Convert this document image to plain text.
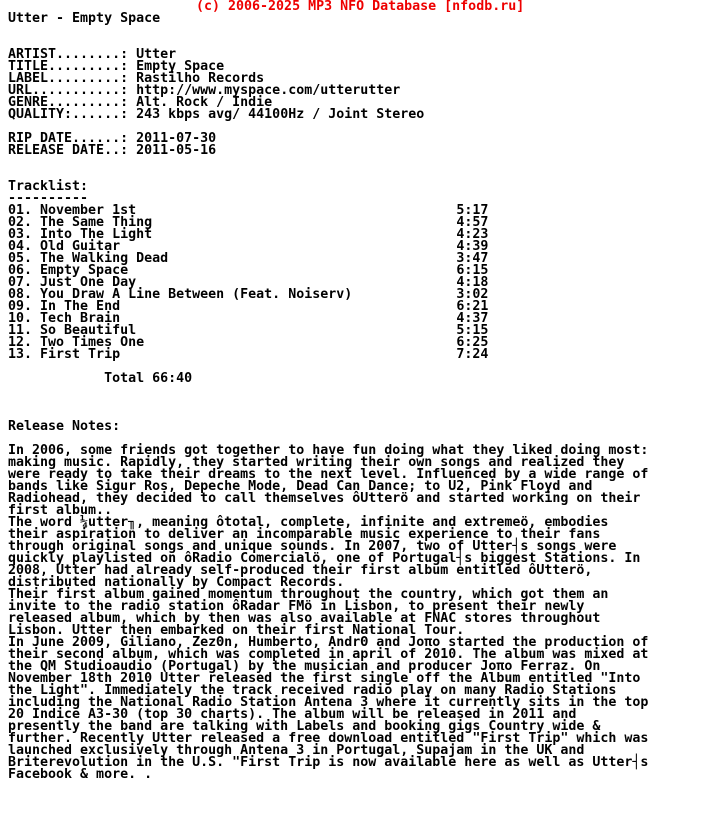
(c) 2006-2025 MP3 NFO Database [nfodb.ru]
Utter - Empty Space
ARTIST........: Utter
TITLE.........: Empty Space
LABEL.........: Rastilho Records
URL...........: http://www.myspace.com/utterutter
GENRE.........: Alt. Rock / Indie
QUALITY:......: 243 kbps avg/ 44100Hz / Joint Stereo
RIP DATE......: 2011-07-30
RELEASE DATE..: 2011-05-16
Tracklist:
----------
01. November 1st                                        5:17
02. The Same Thing                                      4:57
03. Into The Light                                      4:23
04. Old Guitar                                          4:39
05. The Walking Dead                                    3:47
06. Empty Space                                         6:15
07. Just One Day                                        4:18
08. You Draw A Line Between (Feat. Noiserv)             3:02
09. In The End                                          6:21
10. Tech Brain                                          4:37
11. So Beautiful                                        5:15
12. Two Times One                                       6:25
13. First Trip                                          7:24
Total 66:40
Release Notes:
In 2006, some friends got together to have fun doing what they liked doing most:
making music. Rapidly, they started writing their own songs and realized they
were ready to take their dreams to the next level. Influenced by a wide range of
bands like Sigur Ros, Depeche Mode, Dead Can Dance; to U2, Pink Floyd and
Radiohead, they decided to call themselves ôUtterö and started working on their
first album..
The word ¼utter╖, meaning ôtotal, complete, infinite and extremeö, embodies
their aspiration to deliver an incomparable music experience to their fans
through original songs and unique sounds. In 2007, two of Utter┤s songs were
quickly playlisted on ôRadio Comercialö, one of Portugal┤s biggest Stations. In
2008, Utter had already self-produced their first album entitled ôUtterö,
distributed nationally by Compact Records.
Their first album gained momentum throughout the country, which got them an
invite to the radio station ôRadar FMö in Lisbon, to present their newly
released album, which by then was also available at FNAC stores throughout
Lisbon. Utter then embarked on their first National Tour.
In June 2009, Giliano, ZezΘn, Humberto, AndrΘ and Joπo started the production of
their second album, which was completed in april of 2010. The album was mixed at
the QM Studioaudio (Portugal) by the musician and producer Joπo Ferraz. On
November 18th 2010 Utter released the first single off the Album entitled "Into
the Light". Immediately the track received radio play on many Radio Stations
including the National Radio Station Antena 3 where it currently sits in the top
20 Indice A3-30 (top 30 charts). The album will be released in 2011 and
presently the band are talking with Labels and booking gigs Country wide &
further. Recently Utter released a free download entitled "First Trip" which was
launched exclusively through Antena 3 in Portugal, Supajam in the UK and
Briterevolution in the U.S. "First Trip is now available here as well as Utter┤s
Facebook & more. .
